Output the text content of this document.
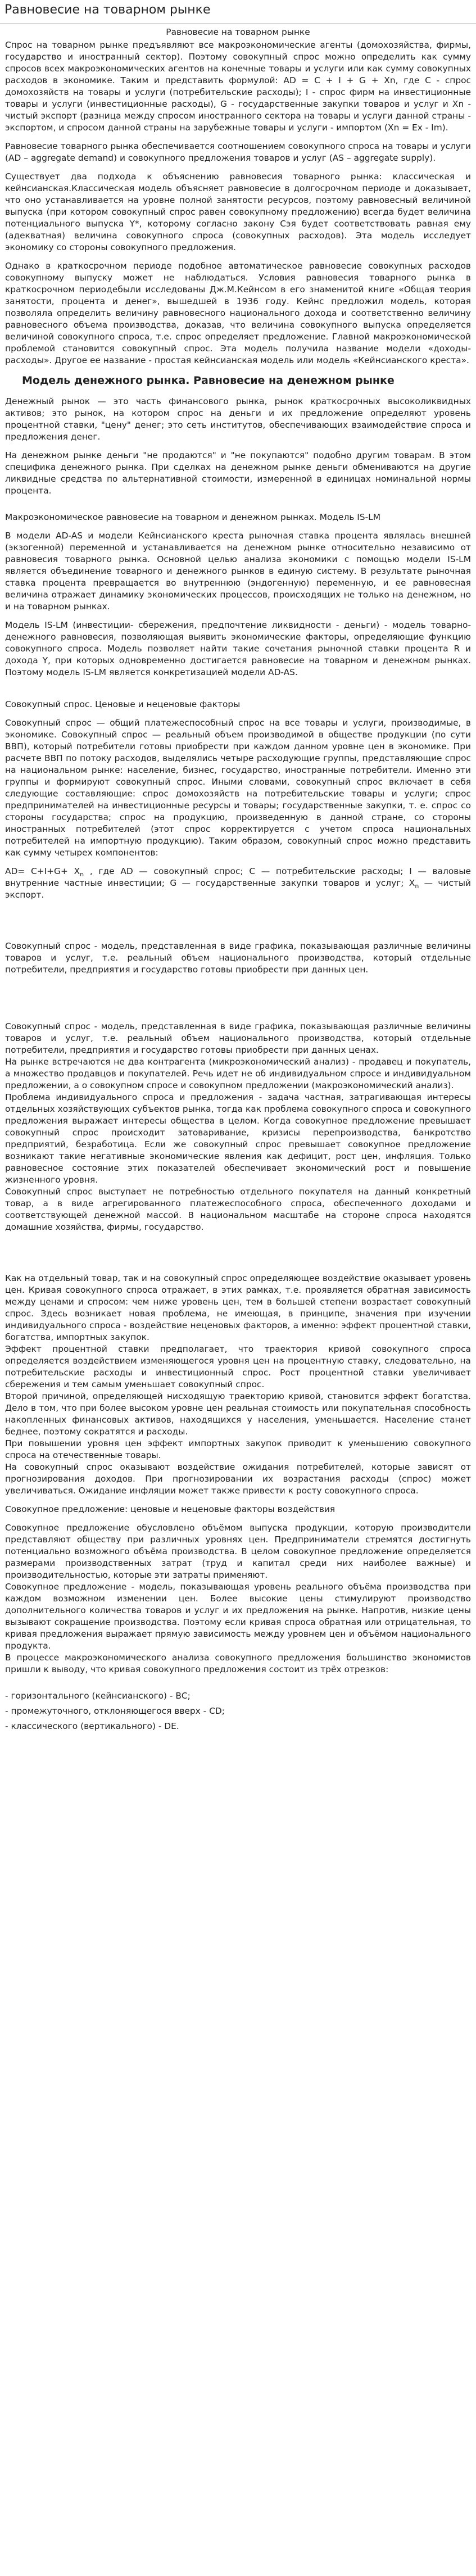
Равновесие на товарном рынке

Равновесие на товарном рынке

Спрос на товарном рынке предъявляют все макроэкономические агенты (домохозяйства, фирмы, государство и иностранный сектор). Поэтому совокупный спрос можно определить как сумму спросов всех макроэкономических агентов на конечные товары и услуги или как сумму совокупных расходов в экономике. Таким и представить формулой: AD = С + I + G + Xn, где С - спрос домохозяйств на товары и услуги (потребительские расходы); I - спрос фирм на инвестиционные товары и услуги (инвестиционные расходы), G - государственные закупки товаров и услуг и Xn - чистый экспорт (разница между спросом иностранного сектора на товары и услуги данной страны - экспортом, и спросом данной страны на зарубежные товары и услуги - импортом (Xn = Ex - Im).

Равновесие товарного рынка обеспечивается соотношением совокупного спроса на товары и услуги (AD – aggregate demand) и совокупного предложения товаров и услуг (AS – aggregate supply).

Существует два подхода к объяснению равновесия товарного рынка: классическая и кейнсианская.Классическая модель объясняет равновесие в долгосрочном периоде и доказывает, что оно устанавливается на уровне полной занятости ресурсов, поэтому равновесный величиной выпуска (при котором совокупный спрос равен совокупному предложению) всегда будет величина потенциального выпуска Y*, которому согласно закону Сэя будет соответствовать равная ему (адекватная) величина совокупного спроса (совокупных расходов). Эта модель исследует экономику со стороны совокупного предложения.

Однако в краткосрочном периоде подобное автоматическое равновесие совокупных расходов совокупному выпуску может не наблюдаться. Условия равновесия товарного рынка в краткосрочном периодебыли исследованы Дж.М.Кейнсом в его знаменитой книге «Общая теория занятости, процента и денег», вышедшей в 1936 году. Кейнс предложил модель, которая позволяла определить величину равновесного национального дохода и соответственно величину равновесного объема производства, доказав, что величина совокупного выпуска определяется величиной совокупного спроса, т.е. спрос определяет предложение. Главной макроэкономической проблемой становится совокупный спрос. Эта модель получила название модели «доходы-расходы». Другое ее название - простая кейнсианская модель или модель «Кейнсианского креста».

Модель денежного рынка. Равновесие на денежном рынке

Денежный рынок — это часть финансового рынка, рынок краткосрочных высоколиквидных активов; это рынок, на котором спрос на деньги и их предложение определяют уровень процентной ставки, "цену" денег; это сеть институтов, обеспечивающих взаимодействие спроса и предложения денег.

На денежном рынке деньги "не продаются" и "не покупаются" подобно другим товарам. В этом специфика денежного рынка. При сделках на денежном рынке деньги обмениваются на другие ликвидные средства по альтернативной стоимости, измеренной в единицах номинальной нормы процента.

Макроэкономическое равновесие на товарном и денежном рынках. Модель IS-LM

В модели AD-AS и модели Кейнсианского креста рыночная ставка процента являлась внешней (экзогенной) переменной и устанавливается на денежном рынке относительно независимо от равновесия товарного рынка. Основной целью анализа экономики с помощью модели IS-LM является объединение товарного и денежного рынков в единую систему. В результате рыночная ставка процента превращается во внутреннюю (эндогенную) переменную, и ее равновесная величина отражает динамику экономических процессов, происходящих не только на денежном, но и на товарном рынках.

Модель IS-LM (инвестиции- сбережения, предпочтение ликвидности - деньги) - модель товарно-денежного равновесия, позволяющая выявить экономические факторы, определяющие функцию совокупного спроса. Модель позволяет найти такие сочетания рыночной ставки процента R и дохода Y, при которых одновременно достигается равновесие на товарном и денежном рынках. Поэтому модель IS-LM является конкретизацией модели AD-AS.

Совокупный спрос. Ценовые и неценовые факторы

Совокупный спрос — общий платежеспособный спрос на все товары и услуги, производимые, в экономике. Совокупный спрос — реальный объем производимой в обществе продукции (по сути ВВП), который потребители готовы приобрести при каждом данном уровне цен в экономике. При расчете ВВП по потоку расходов, выделялись четыре расходующие группы, представляющие спрос на национальном рынке: население, бизнес, государство, иностранные потребители. Именно эти группы и формируют совокупный спрос. Иными словами, совокупный спрос включает в себя следующие составляющие: спрос домохозяйств на потребительские товары и услуги; спрос предпринимателей на инвестиционные ресурсы и товары; государственные закупки, т. е. спрос со стороны государства; спрос на продукцию, произведенную в данной стране, со стороны иностранных потребителей (этот спрос корректируется с учетом спроса национальных потребителей на импортную продукцию). Таким образом, совокупный спрос можно представить как сумму четырех компонентов:

$AD= C+I+G+ X_n$ , где AD — совокупный спрос; С — потребительские расходы; I — валовые внутренние частные инвестиции; G — государственные закупки товаров и услуг; $X_n$ — чистый экспорт.

Совокупный спрос - модель, представленная в виде графика, показывающая различные величины товаров и услуг, т.е. реальный объем национального производства, который отдельные потребители, предприятия и государство готовы приобрести при данных цен.

Совокупный спрос - модель, представленная в виде графика, показывающая различные величины товаров и услуг, т.е. реальный объем национального производства, который отдельные потребители, предприятия и государство готовы приобрести при данных ценах.
На рынке встречаются не два контрагента (микроэкономический анализ) - продавец и покупатель, а множество продавцов и покупателей. Речь идет не об индивидуальном спросе и индивидуальном предложении, а о совокупном спросе и совокупном предложении (макроэкономический анализ).
Проблема индивидуального спроса и предложения - задача частная, затрагивающая интересы отдельных хозяйствующих субъектов рынка, тогда как проблема совокупного спроса и совокупного предложения выражает интересы общества в целом. Когда совокупное предложение превышает совокупный спрос происходит затоваривание, кризисы перепроизводства, банкротство предприятий, безработица. Если же совокупный спрос превышает совокупное предложение возникают такие негативные экономические явления как дефицит, рост цен, инфляция. Только равновесное состояние этих показателей обеспечивает экономический рост и повышение жизненного уровня.
Совокупный спрос выступает не потребностью отдельного покупателя на данный конкретный товар, а в виде агрегированного платежеспособного спроса, обеспеченного доходами и соответствующей денежной массой. В национальном масштабе на стороне спроса находятся домашние хозяйства, фирмы, государство.

Как на отдельный товар, так и на совокупный спрос определяющее воздействие оказывает уровень цен. Кривая совокупного спроса отражает, в этих рамках, т.е. проявляется обратная зависимость между ценами и спросом: чем ниже уровень цен, тем в большей степени возрастает совокупный спрос. Здесь возникает новая проблема, не имеющая, в принципе, значения при изучении индивидуального спроса - воздействие неценовых факторов, а именно: эффект процентной ставки, богатства, импортных закупок.
Эффект процентной ставки предполагает, что траектория кривой совокупного спроса определяется воздействием изменяющегося уровня цен на процентную ставку, следовательно, на потребительские расходы и инвестиционный спрос. Рост процентной ставки увеличивает сбережения и тем самым уменьшает совокупный спрос.
Второй причиной, определяющей нисходящую траекторию кривой, становится эффект богатства. Дело в том, что при более высоком уровне цен реальная стоимость или покупательная способность накопленных финансовых активов, находящихся у населения, уменьшается. Население станет беднее, поэтому сократятся и расходы.
При повышении уровня цен эффект импортных закупок приводит к уменьшению совокупного спроса на отечественные товары.
На совокупный спрос оказывают воздействие ожидания потребителей, которые зависят от прогнозирования доходов. При прогнозировании их возрастания расходы (спрос) может увеличиваться. Ожидание инфляции может также привести к росту совокупного спроса.

Совокупное предложение: ценовые и неценовые факторы воздействия

Совокупное предложение обусловлено объёмом выпуска продукции, которую производители представляют обществу при различных уровнях цен. Предприниматели стремятся достигнуть потенциально возможного объёма производства. В целом совокупное предложение определяется размерами производственных затрат (труд и капитал среди них наиболее важные) и производительностью, которые эти затраты применяют.
Совокупное предложение - модель, показывающая уровень реального объёма производства при каждом возможном изменении цен. Более высокие цены стимулируют производство дополнительного количества товаров и услуг и их предложения на рынке. Напротив, низкие цены вызывают сокращение производства. Поэтому если кривая спроса обратная или отрицательная, то кривая предложения выражает прямую зависимость между уровнем цен и объёмом национального продукта.
В процессе макроэкономического анализа совокупного предложения большинство экономистов пришли к выводу, что кривая совокупного предложения состоит из трёх отрезков:

- горизонтального (кейнсианского) - ВС;
- промежуточного, отклоняющегося вверх - CD;
- классического (вертикального) - DE.
